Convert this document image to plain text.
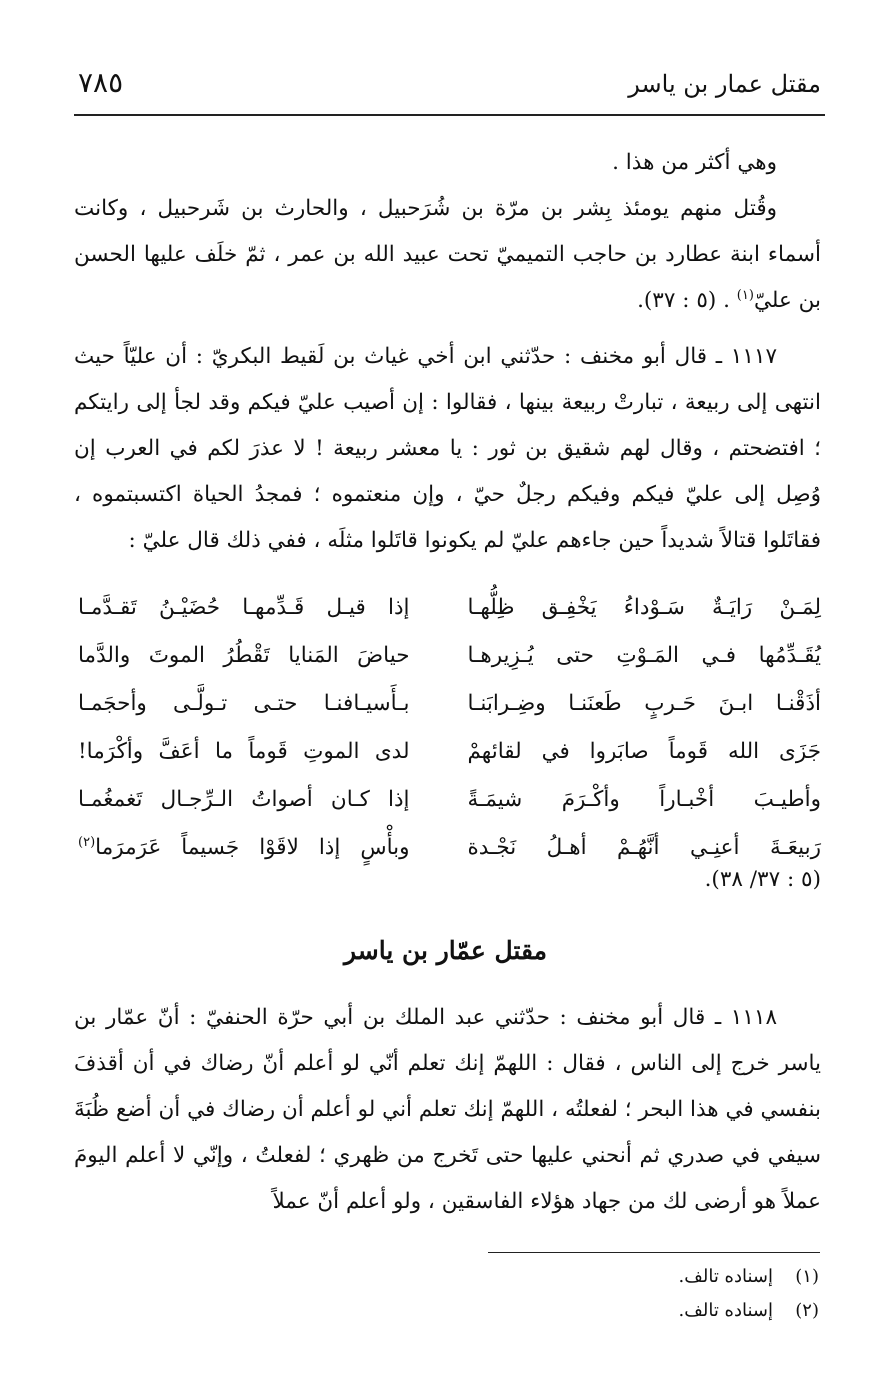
مقتل عمار بن ياسر
٧٨٥

وهي أكثر من هذا .

وقُتل منهم يومئذ بِشر بن مرّة بن شُرَحبيل ، والحارث بن شَرحبيل ، وكانت أسماء ابنة عطارد بن حاجب التميميّ تحت عبيد الله بن عمر ، ثمّ خلَف عليها الحسن بن عليّ$^{(١)}$ . (٥ : ٣٧).

١١١٧ ـ قال أبو مخنف : حدّثني ابن أخي غياث بن لَقيط البكريّ : أن عليّاً حيث انتهى إلى ربيعة ، تبارتْ ربيعة بينها ، فقالوا : إن أصيب عليّ فيكم وقد لجأ إلى رايتكم ؛ افتضحتم ، وقال لهم شقيق بن ثور : يا معشر ربيعة ! لا عذرَ لكم في العرب إن وُصِل إلى عليّ فيكم وفيكم رجلٌ حيّ ، وإن منعتموه ؛ فمجدُ الحياة اكتسبتموه ، فقاتَلوا قتالاً شديداً حين جاءهم عليّ لم يكونوا قاتَلوا مثلَه ، ففي ذلك قال عليّ :

لِمَـنْ رَايَـةٌ سَـوْداءُ يَخْفِـق ظِلُّهـا
إذا قيـل قَـدِّمهـا حُضَيْـنُ تَقـدَّمـا
يُقَـدِّمُها فـي المَـوْتِ حتى يُـزِيرهـا
حياضَ المَنايا تَقْطُرُ الموتَ والدَّما
أذَقْنـا ابـنَ حَـربٍ طَعنَنـا وضِـرابَنـا
بـأَسيـافنـا حتـى تـولَّـى وأحجَمـا
جَزَى الله قَوماً صابَروا في لقائهمْ
لدى الموتِ قَوماً ما أعَفَّ وأكْرَما!
وأطيـبَ أخْبـاراً وأكْـرَمَ شيمَـةً
إذا كـان أصواتُ الـرِّجـال تَغمغُمـا
رَبيعَـةَ أعنِـي أنَّهُـمْ أهـلُ نَجْـدة
وبأْسٍ إذا لاقَوْا جَسيماً عَرَمرَما$^{(٢)}$
(٥ : ٣٧/ ٣٨).
مقتل عمّار بن ياسر

١١١٨ ـ قال أبو مخنف : حدّثني عبد الملك بن أبي حرّة الحنفيّ : أنّ عمّار بن ياسر خرج إلى الناس ، فقال : اللهمّ إنك تعلم أنّي لو أعلم أنّ رضاك في أن أقذفَ بنفسي في هذا البحر ؛ لفعلتُه ، اللهمّ إنك تعلم أني لو أعلم أن رضاك في أن أضع ظُبَةَ سيفي في صدري ثم أنحني عليها حتى تَخرج من ظهري ؛ لفعلتُ ، وإنّي لا أعلم اليومَ عملاً هو أرضى لك من جهاد هؤلاء الفاسقين ، ولو أعلم أنّ عملاً

(١)
إسناده تالف.
(٢)
إسناده تالف.
